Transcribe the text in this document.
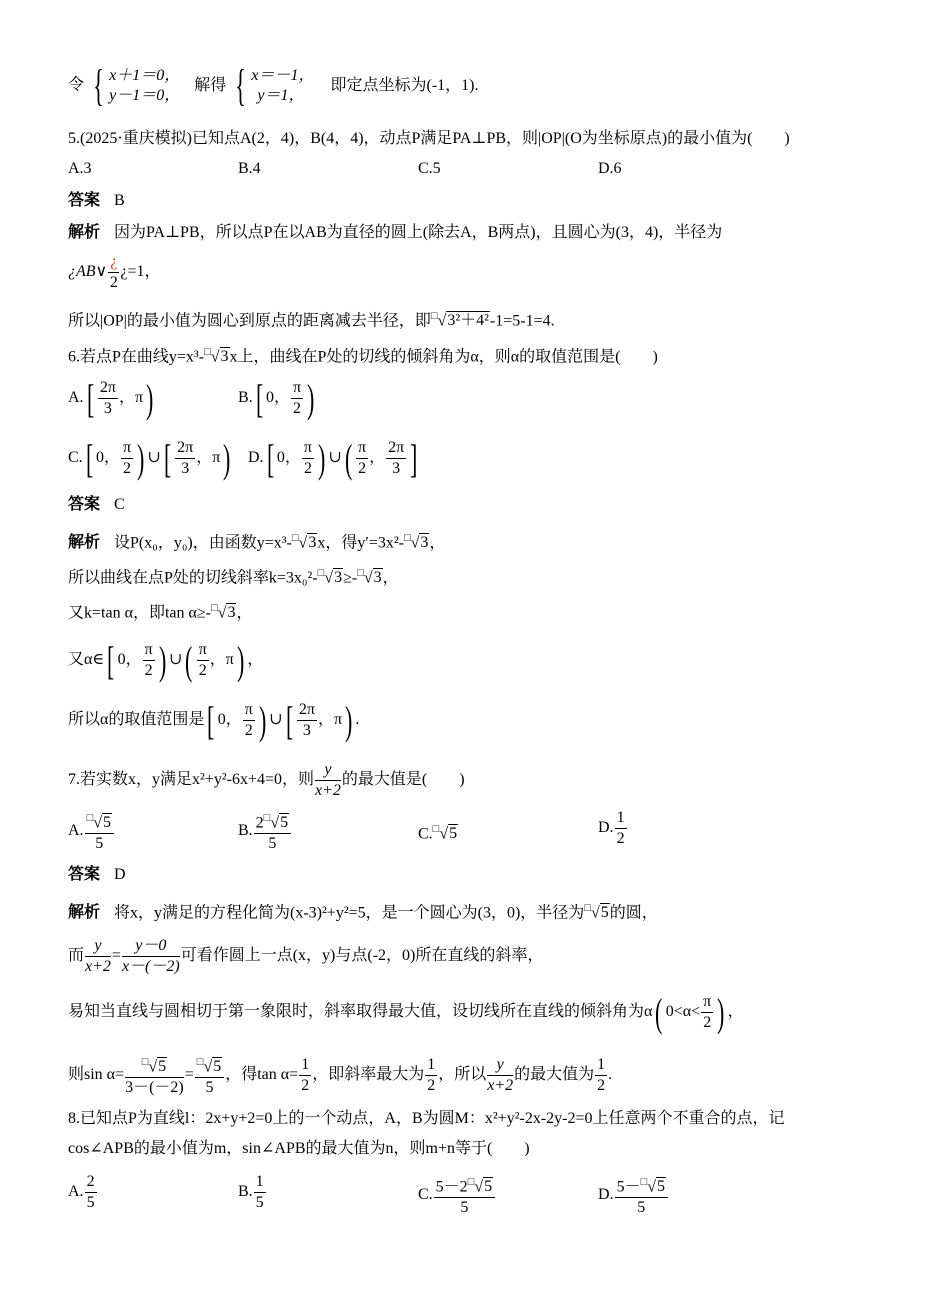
令 { x＋1＝0，
y－1＝0，
解得 { x＝－1，
y＝1，
即定点坐标为(-1，1).
5.(2025·重庆模拟)已知点A(2，4)，B(4，4)，动点P满足PA⊥PB，则|OP|(O为坐标原点)的最小值为(　　)
A.3	B.4	C.5	D.6
答案 B
解析 因为PA⊥PB，所以点P在以AB为直径的圆上(除去A，B两点)，且圆心为(3，4)，半径为
¿AB∨ $\frac{¿}{2}$ ¿=1，
所以|OP|的最小值为圆心到原点的距离减去半径，即□√3²＋4²-1=5-1=4.
6.若点P在曲线y=x³-□√3x上，曲线在P处的切线的倾斜角为α，则α的取值范围是(　　)
$A.[ \frac{2\pi}{3}$ ，π)	B.[ 0， $\frac{\pi}{2}$ )
C.[ 0， $\frac{\pi}{2}$ ) ∪[ $\frac{2\pi}{3}$ ，π) D.[ 0， $\frac{\pi}{2}$ ) ∪( $\frac{\pi}{2}$ ， $\frac{2\pi}{3}$ ]
答案 C
解析 设P(x₀，y₀)，由函数y=x³-□√3x，得y′=3x²-□√3，
所以曲线在点P处的切线斜率k=3x₀²-□√3≥-□√3，
又k=tan α，即tan α≥-□√3，
又α∈[ 0， $\frac{\pi}{2}$ ) ∪( $\frac{\pi}{2}$ ，π) ，
所以α的取值范围是[ 0， $\frac{\pi}{2}$ ) ∪[ $\frac{2\pi}{3}$ ，π) .
7.若实数x，y满足x²+y²-6x+4=0，则 $\frac{y}{x+2}$ 的最大值是(　　)
A. $\frac{^□√5}{5}$	B. $\frac{2^□√5}{5}$	C.□√5	D. $\frac{1}{2}$
答案 D
解析 将x，y满足的方程化简为(x-3)²+y²=5，是一个圆心为(3，0)，半径为□√5的圆，
而 $\frac{y}{x+2} = \frac{y-0}{x-(-2)}$ 可看作圆上一点(x，y)与点(-2，0)所在直线的斜率，
易知当直线与圆相切于第一象限时，斜率取得最大值，设切线所在直线的倾斜角为α( $0<\alpha< \frac{\pi}{2}$ ) ，
则$\sin \alpha= \frac{^□√5}{3-(-2)} = \frac{^□√5}{5}$ ，得$\tan \alpha= \frac{1}{2}$ ，即斜率最大为 $\frac{1}{2}$ ，所以 $\frac{y}{x+2}$ 的最大值为 $\frac{1}{2}$ .
8.已知点P为直线l：2x+y+2=0上的一个动点，A，B为圆M：x²+y²-2x-2y-2=0上任意两个不重合的点，记
cos∠APB的最小值为m，sin∠APB的最大值为n，则m+n等于(　　)
A. $\frac{2}{5}$	B. $\frac{1}{5}$	C. $\frac{5-2^□√5}{5}$	D. $\frac{5-^□√5}{5}$
